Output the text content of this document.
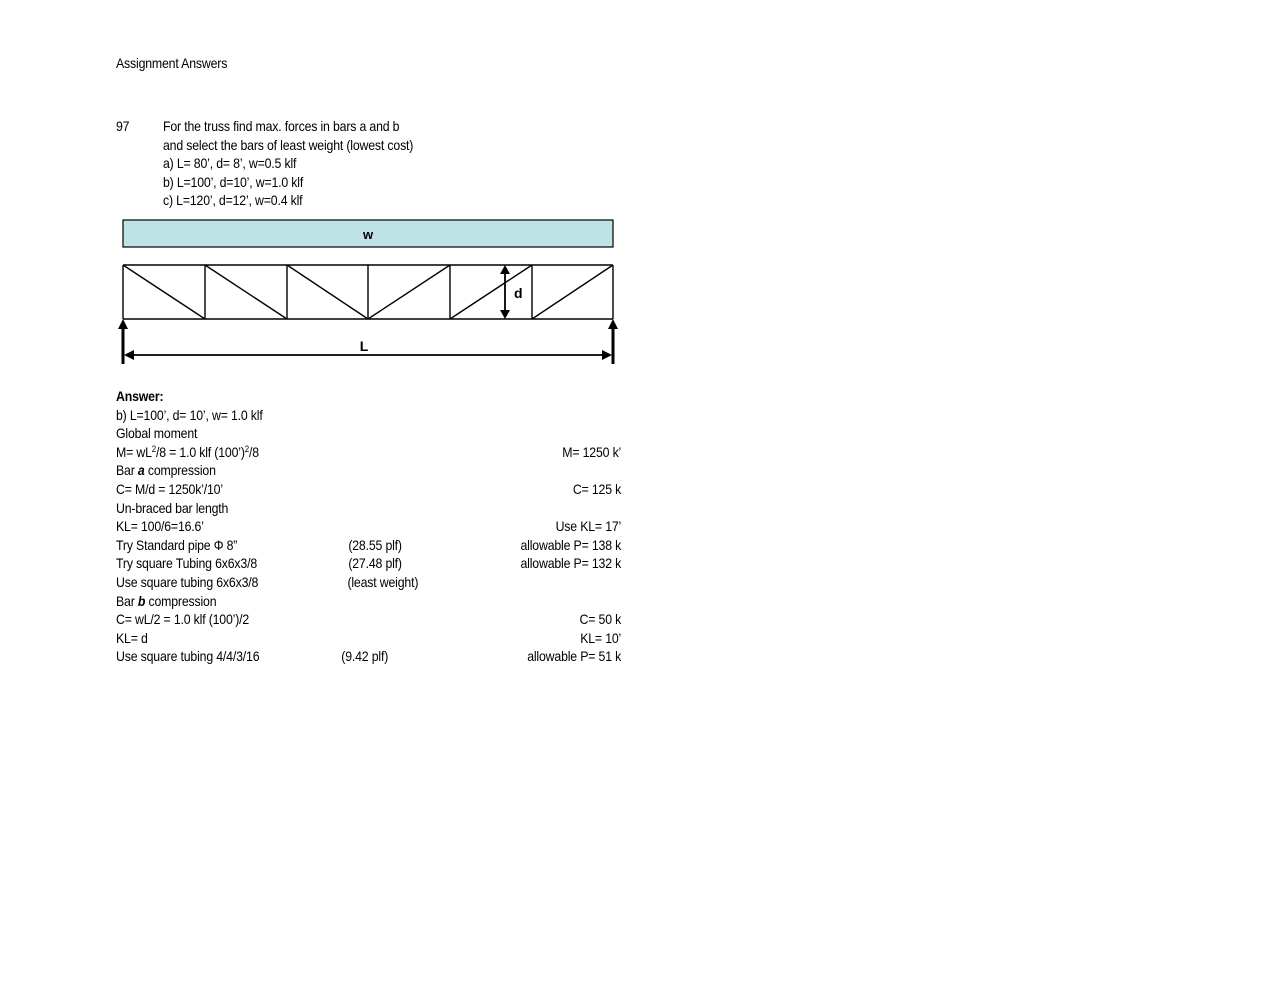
Assignment Answers
97 For the truss find max. forces in bars a and b
and select the bars of least weight (lowest cost)
a) L= 80’, d= 8’, w=0.5 klf
b) L=100’, d=10’, w=1.0 klf
c) L=120’, d=12’, w=0.4 klf
w
d
L
Answer:
b) L=100’, d= 10’, w= 1.0 klf
Global moment
$M= wL^2/8 = 1.0$ klf (100’)$^2$/8	M= 1250 k’
Bar a compression
C= M/d = 1250k’/10’	C= 125 k
Un-braced bar length
KL= 100/6=16.6’	Use KL= 17’
Try Standard pipe Φ 8”	(28.55 plf)	allowable P= 138 k
Try square Tubing 6x6x3/8	(27.48 plf)	allowable P= 132 k
Use square tubing 6x6x3/8	(least weight)
Bar b compression
C= wL/2 = 1.0 klf (100’)/2	C= 50 k
KL= d	KL= 10’
Use square tubing 4/4/3/16	(9.42 plf)	allowable P= 51 k
